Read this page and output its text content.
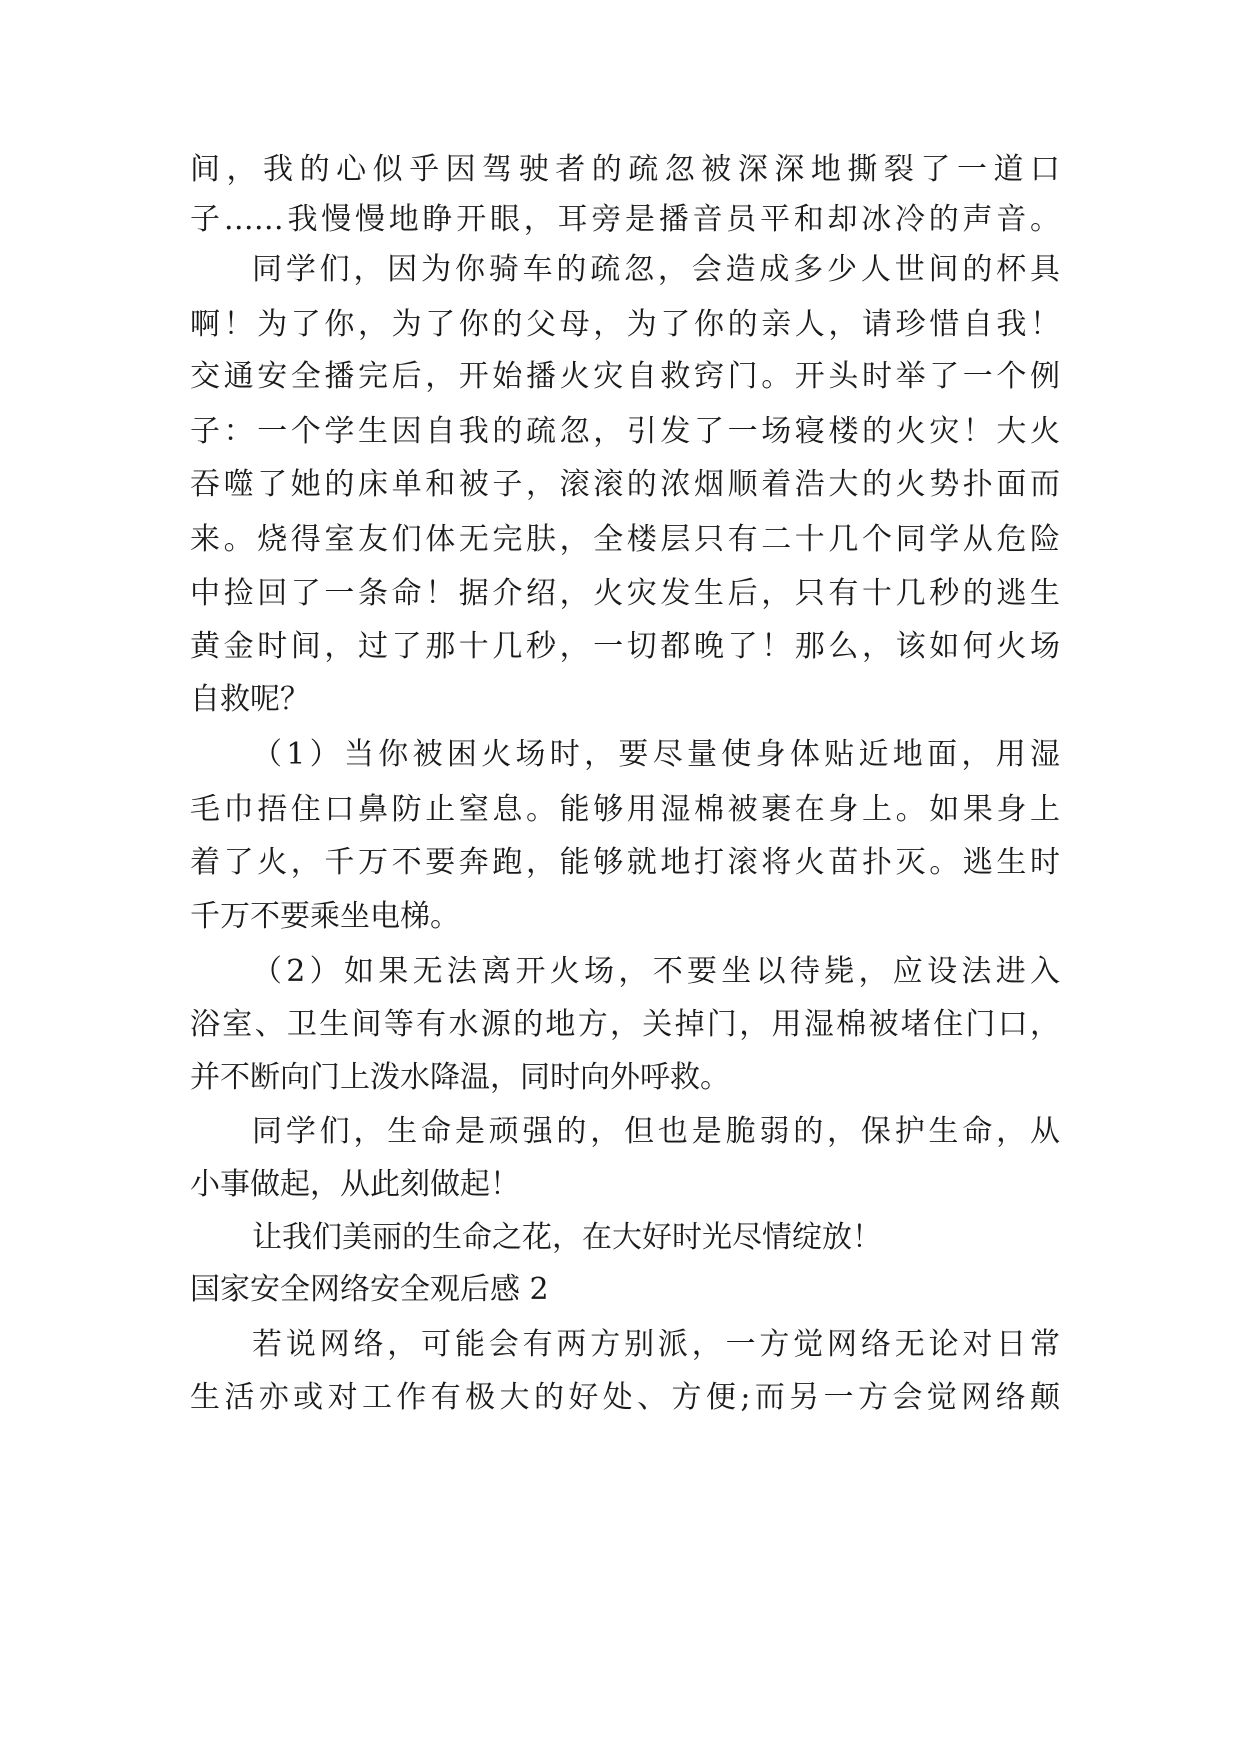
间，我的心似乎因驾驶者的疏忽被深深地撕裂了一道口

子……我慢慢地睁开眼，耳旁是播音员平和却冰冷的声音。

同学们，因为你骑车的疏忽，会造成多少人世间的杯具

啊！为了你，为了你的父母，为了你的亲人，请珍惜自我！

交通安全播完后，开始播火灾自救窍门。开头时举了一个例

子：一个学生因自我的疏忽，引发了一场寝楼的火灾！大火

吞噬了她的床单和被子，滚滚的浓烟顺着浩大的火势扑面而

来。烧得室友们体无完肤，全楼层只有二十几个同学从危险

中捡回了一条命！据介绍，火灾发生后，只有十几秒的逃生

黄金时间，过了那十几秒，一切都晚了！那么，该如何火场

自救呢？

（1）当你被困火场时，要尽量使身体贴近地面，用湿

毛巾捂住口鼻防止窒息。能够用湿棉被裹在身上。如果身上

着了火，千万不要奔跑，能够就地打滚将火苗扑灭。逃生时

千万不要乘坐电梯。

（2）如果无法离开火场，不要坐以待毙，应设法进入

浴室、卫生间等有水源的地方，关掉门，用湿棉被堵住门口，

并不断向门上泼水降温，同时向外呼救。

同学们，生命是顽强的，但也是脆弱的，保护生命，从

小事做起，从此刻做起！

让我们美丽的生命之花，在大好时光尽情绽放！

国家安全网络安全观后感 2

若说网络，可能会有两方别派，一方觉网络无论对日常

生活亦或对工作有极大的好处、方便;而另一方会觉网络颠
